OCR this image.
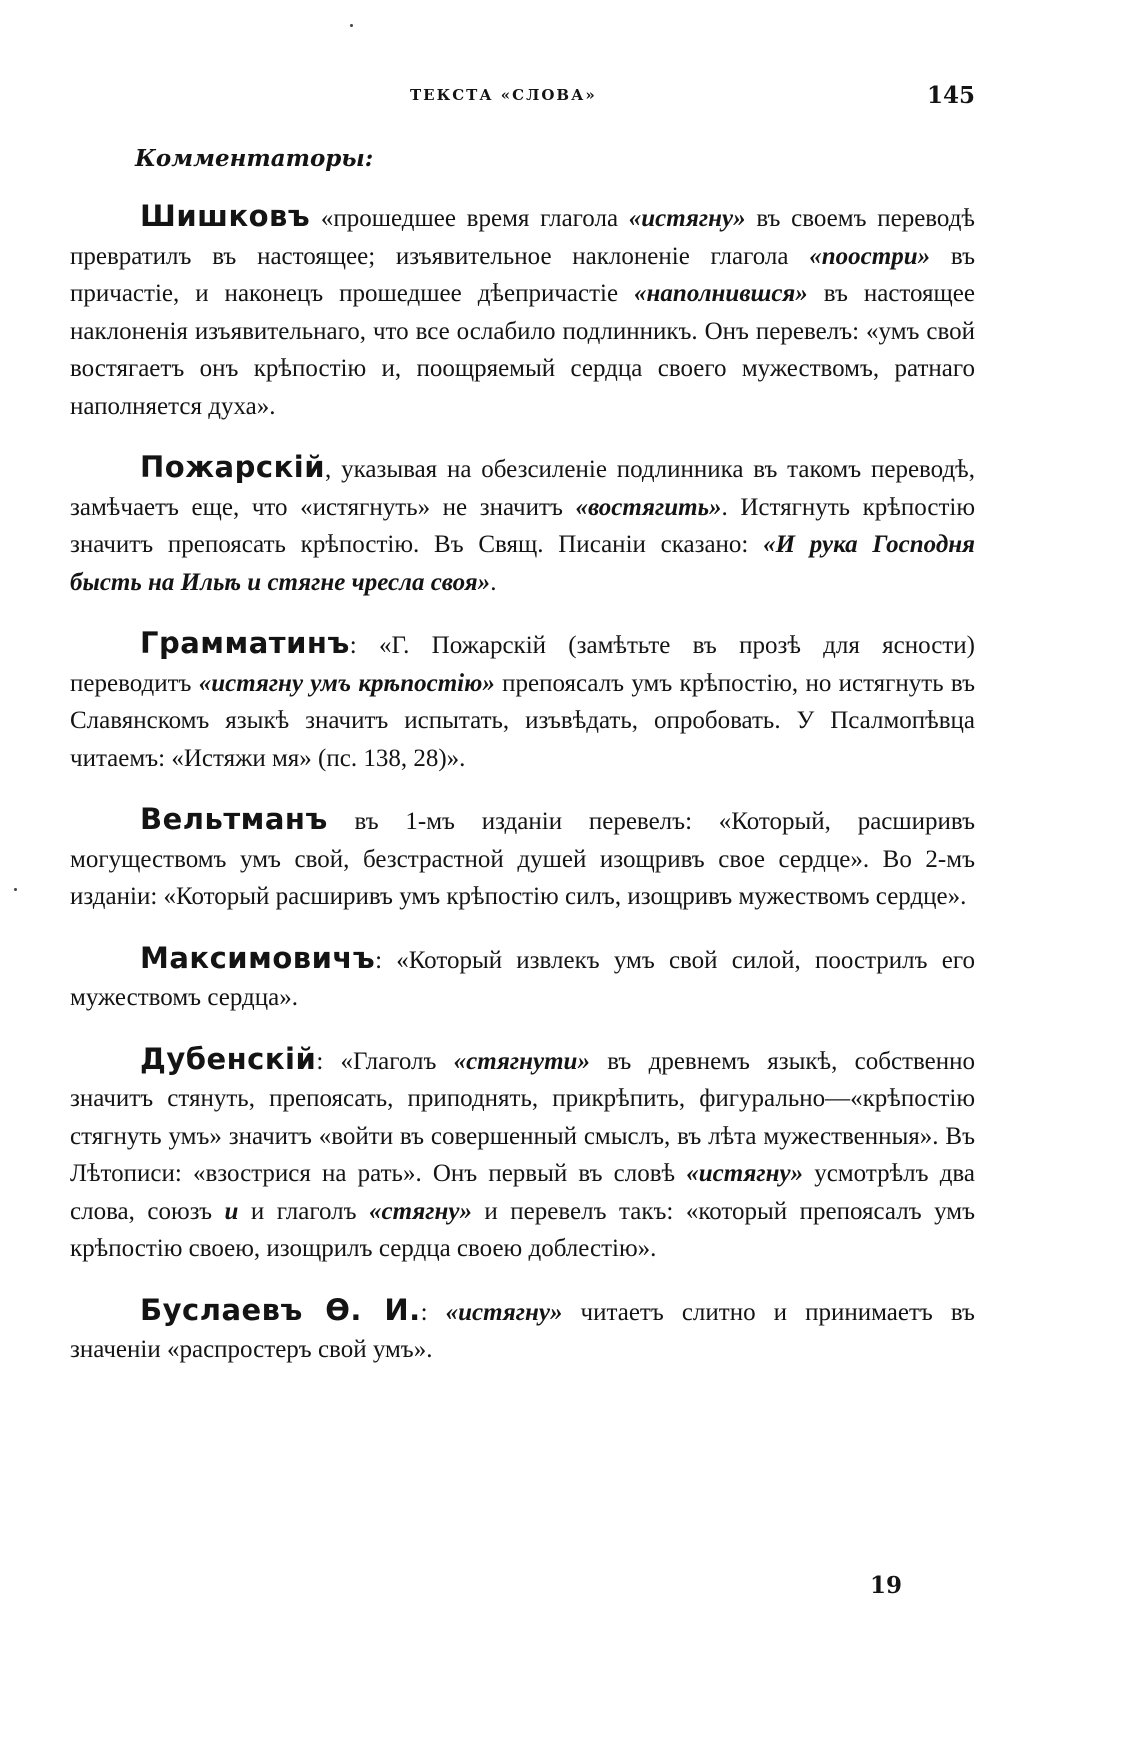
ТЕКСТА «СЛОВА»	145
Комментаторы:

Шишковъ «прошедшее время глагола «истягну» въ своемъ переводѣ превратилъ въ настоящее; изъявительное наклоненіе глагола «поостри» въ причастіе, и наконецъ прошедшее дѣепричастіе «наполнившся» въ настоящее наклоненія изъявительнаго, что все ослабило подлинникъ. Онъ перевелъ: «умъ свой востягаетъ онъ крѣпостію и, поощряемый сердца своего мужествомъ, ратнаго наполняется духа».

Пожарскій, указывая на обезсиленіе подлинника въ такомъ переводѣ, замѣчаетъ еще, что «истягнуть» не значитъ «востягить». Истягнуть крѣпостію значитъ препоясать крѣпостію. Въ Свящ. Писаніи сказано: «И рука Господня бысть на Ильѣ и стягне чресла своя».

Грамматинъ: «Г. Пожарскій (замѣтьте въ прозѣ для ясности) переводитъ «истягну умъ крѣпостію» препоясалъ умъ крѣпостію, но истягнуть въ Славянскомъ языкѣ значитъ испытать, изъвѣдать, опробовать. У Псалмопѣвца читаемъ: «Истяжи мя» (пс. 138, 28)».

Вельтманъ въ 1-мъ изданіи перевелъ: «Который, расширивъ могуществомъ умъ свой, безстрастной душей изощривъ свое сердце». Во 2-мъ изданіи: «Который расширивъ умъ крѣпостію силъ, изощривъ мужествомъ сердце».

Максимовичъ: «Который извлекъ умъ свой силой, поострилъ его мужествомъ сердца».

Дубенскій: «Глаголъ «стягнути» въ древнемъ языкѣ, собственно значитъ стянуть, препоясать, приподнять, прикрѣпить, фигурально—«крѣпостію стягнуть умъ» значитъ «войти въ совершенный смыслъ, въ лѣта мужественныя». Въ Лѣтописи: «взострися на рать». Онъ первый въ словѣ «истягну» усмотрѣлъ два слова, союзъ и и глаголъ «стягну» и перевелъ такъ: «который препоясалъ умъ крѣпостію своею, изощрилъ сердца своею доблестію».

Буслаевъ Ѳ. И.: «истягну» читаетъ слитно и принимаетъ въ значеніи «распростеръ свой умъ».

19
